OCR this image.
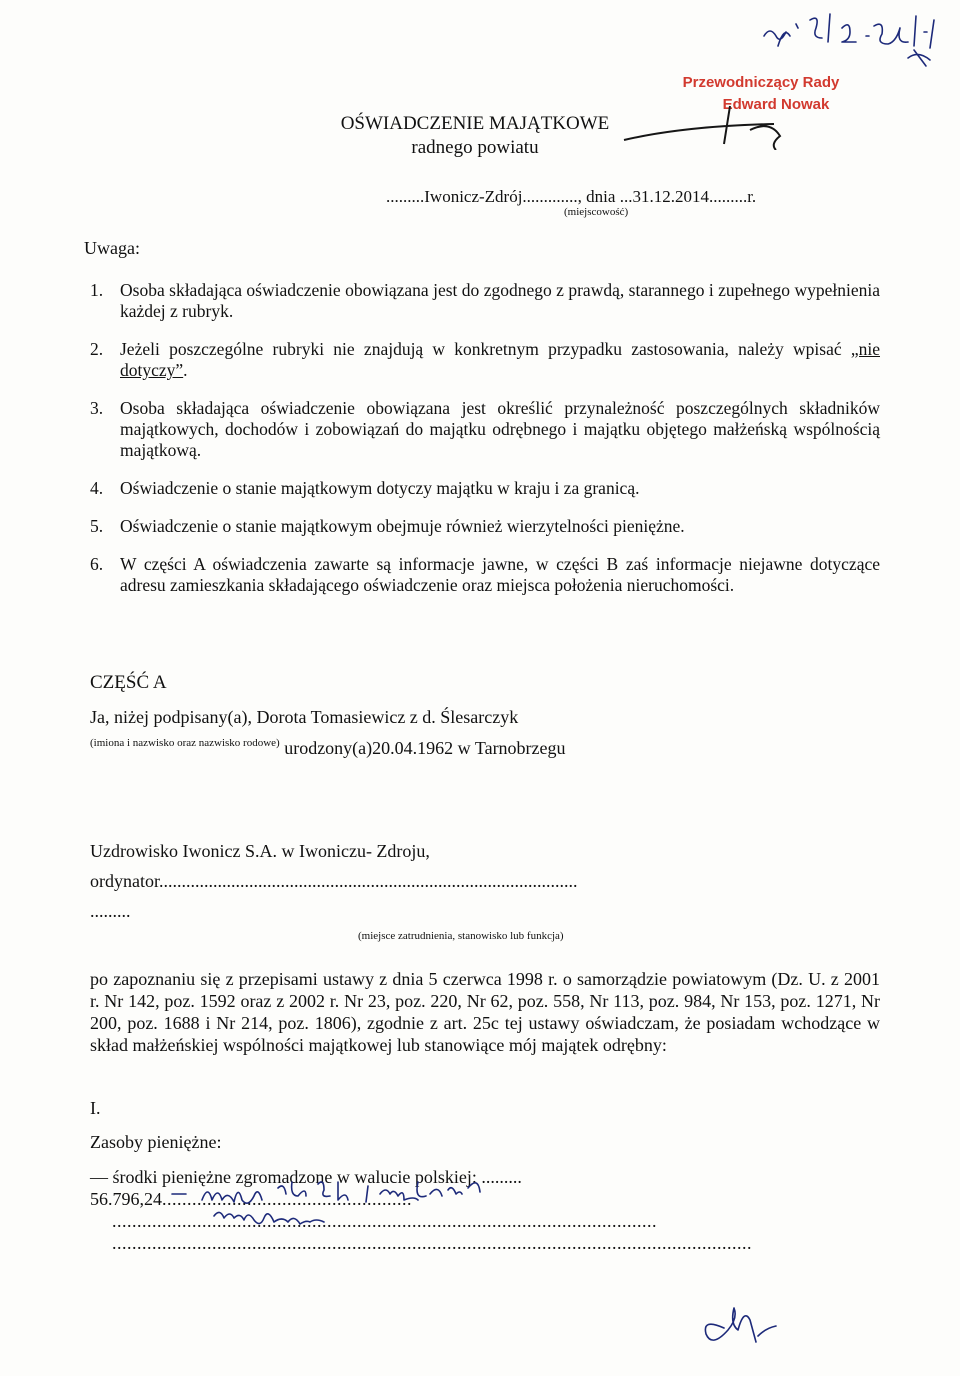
Przewodniczący Rady
Edward Nowak
OŚWIADCZENIE MAJĄTKOWE
radnego powiatu
.........Iwonicz-Zdrój............., dnia ...31.12.2014.........r.
(miejscowość)
Uwaga:
1. Osoba składająca oświadczenie obowiązana jest do zgodnego z prawdą, starannego i zupełnego wypełnienia każdej z rubryk.
2. Jeżeli poszczególne rubryki nie znajdują w konkretnym przypadku zastosowania, należy wpisać „nie dotyczy”.
3. Osoba składająca oświadczenie obowiązana jest określić przynależność poszczególnych składników majątkowych, dochodów i zobowiązań do majątku odrębnego i majątku objętego małżeńską wspólnością majątkową.
4. Oświadczenie o stanie majątkowym dotyczy majątku w kraju i za granicą.
5. Oświadczenie o stanie majątkowym obejmuje również wierzytelności pieniężne.
6. W części A oświadczenia zawarte są informacje jawne, w części B zaś informacje niejawne dotyczące adresu zamieszkania składającego oświadczenie oraz miejsca położenia nieruchomości.
CZĘŚĆ A
Ja, niżej podpisany(a), Dorota Tomasiewicz z d. Ślesarczyk
$^{(imiona i nazwisko oraz nazwisko rodowe)}$ urodzony(a)20.04.1962 w Tarnobrzegu
Uzdrowisko Iwonicz S.A. w Iwoniczu- Zdroju,
ordynator.............................................................................................
.........
(miejsce zatrudnienia, stanowisko lub funkcja)
po zapoznaniu się z przepisami ustawy z dnia 5 czerwca 1998 r. o samorządzie powiatowym (Dz. U. z 2001 r. Nr 142, poz. 1592 oraz z 2002 r. Nr 23, poz. 220, Nr 62, poz. 558, Nr 113, poz. 984, Nr 153, poz. 1271, Nr 200, poz. 1688 i Nr 214, poz. 1806), zgodnie z art. 25c tej ustawy oświadczam, że posiadam wchodzące w skład małżeńskiej wspólności majątkowej lub stanowiące mój majątek odrębny:
I.
Zasoby pieniężne:
— środki pieniężne zgromadzone w walucie polskiej: .........
56.796,24..................................................
.............................................................................................................
................................................................................................................................
